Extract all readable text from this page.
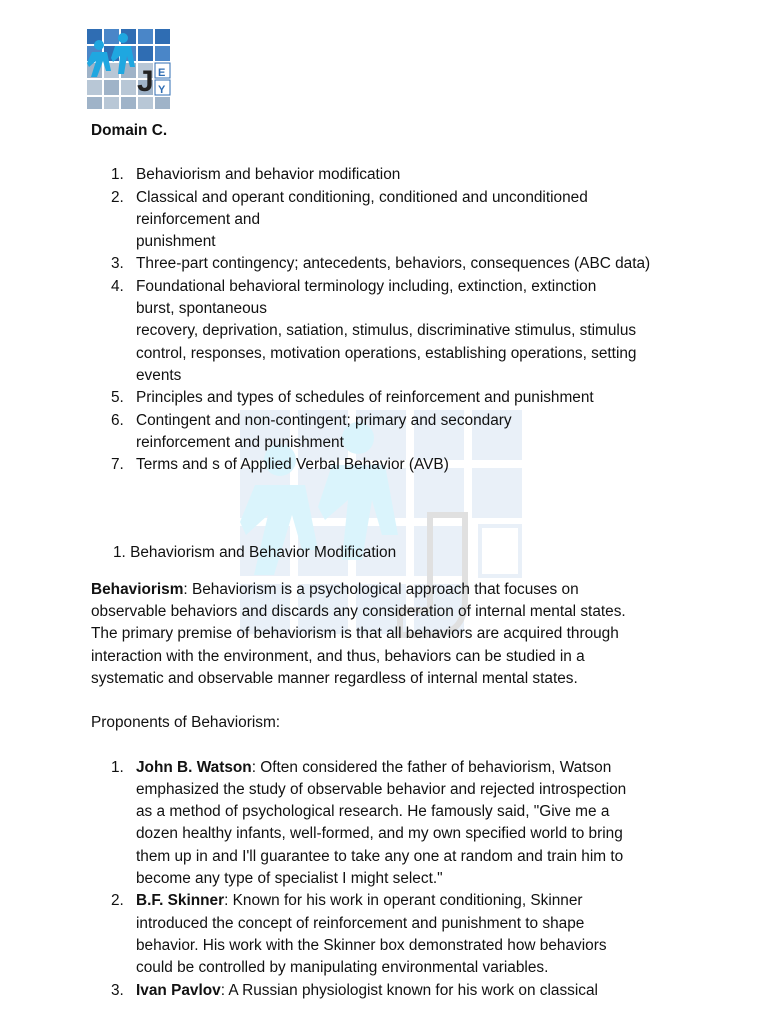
J E
Y

Domain C.

1. Behaviorism and behavior modification
2. Classical and operant conditioning, conditioned and unconditioned
reinforcement and
punishment
3. Three-part contingency; antecedents, behaviors, consequences (ABC data)
4. Foundational behavioral terminology including, extinction, extinction
burst, spontaneous
recovery, deprivation, satiation, stimulus, discriminative stimulus, stimulus
control, responses, motivation operations, establishing operations, setting
events
5. Principles and types of schedules of reinforcement and punishment
6. Contingent and non-contingent; primary and secondary
reinforcement and punishment
7. Terms and s of Applied Verbal Behavior (AVB)
1. Behaviorism and Behavior Modification
Behaviorism: Behaviorism is a psychological approach that focuses on
observable behaviors and discards any consideration of internal mental states.
The primary premise of behaviorism is that all behaviors are acquired through
interaction with the environment, and thus, behaviors can be studied in a
systematic and observable manner regardless of internal mental states.
Proponents of Behaviorism:
1. John B. Watson: Often considered the father of behaviorism, Watson
emphasized the study of observable behavior and rejected introspection
as a method of psychological research. He famously said, "Give me a
dozen healthy infants, well-formed, and my own specified world to bring
them up in and I'll guarantee to take any one at random and train him to
become any type of specialist I might select."
2. B.F. Skinner: Known for his work in operant conditioning, Skinner
introduced the concept of reinforcement and punishment to shape
behavior. His work with the Skinner box demonstrated how behaviors
could be controlled by manipulating environmental variables.
3. Ivan Pavlov: A Russian physiologist known for his work on classical
